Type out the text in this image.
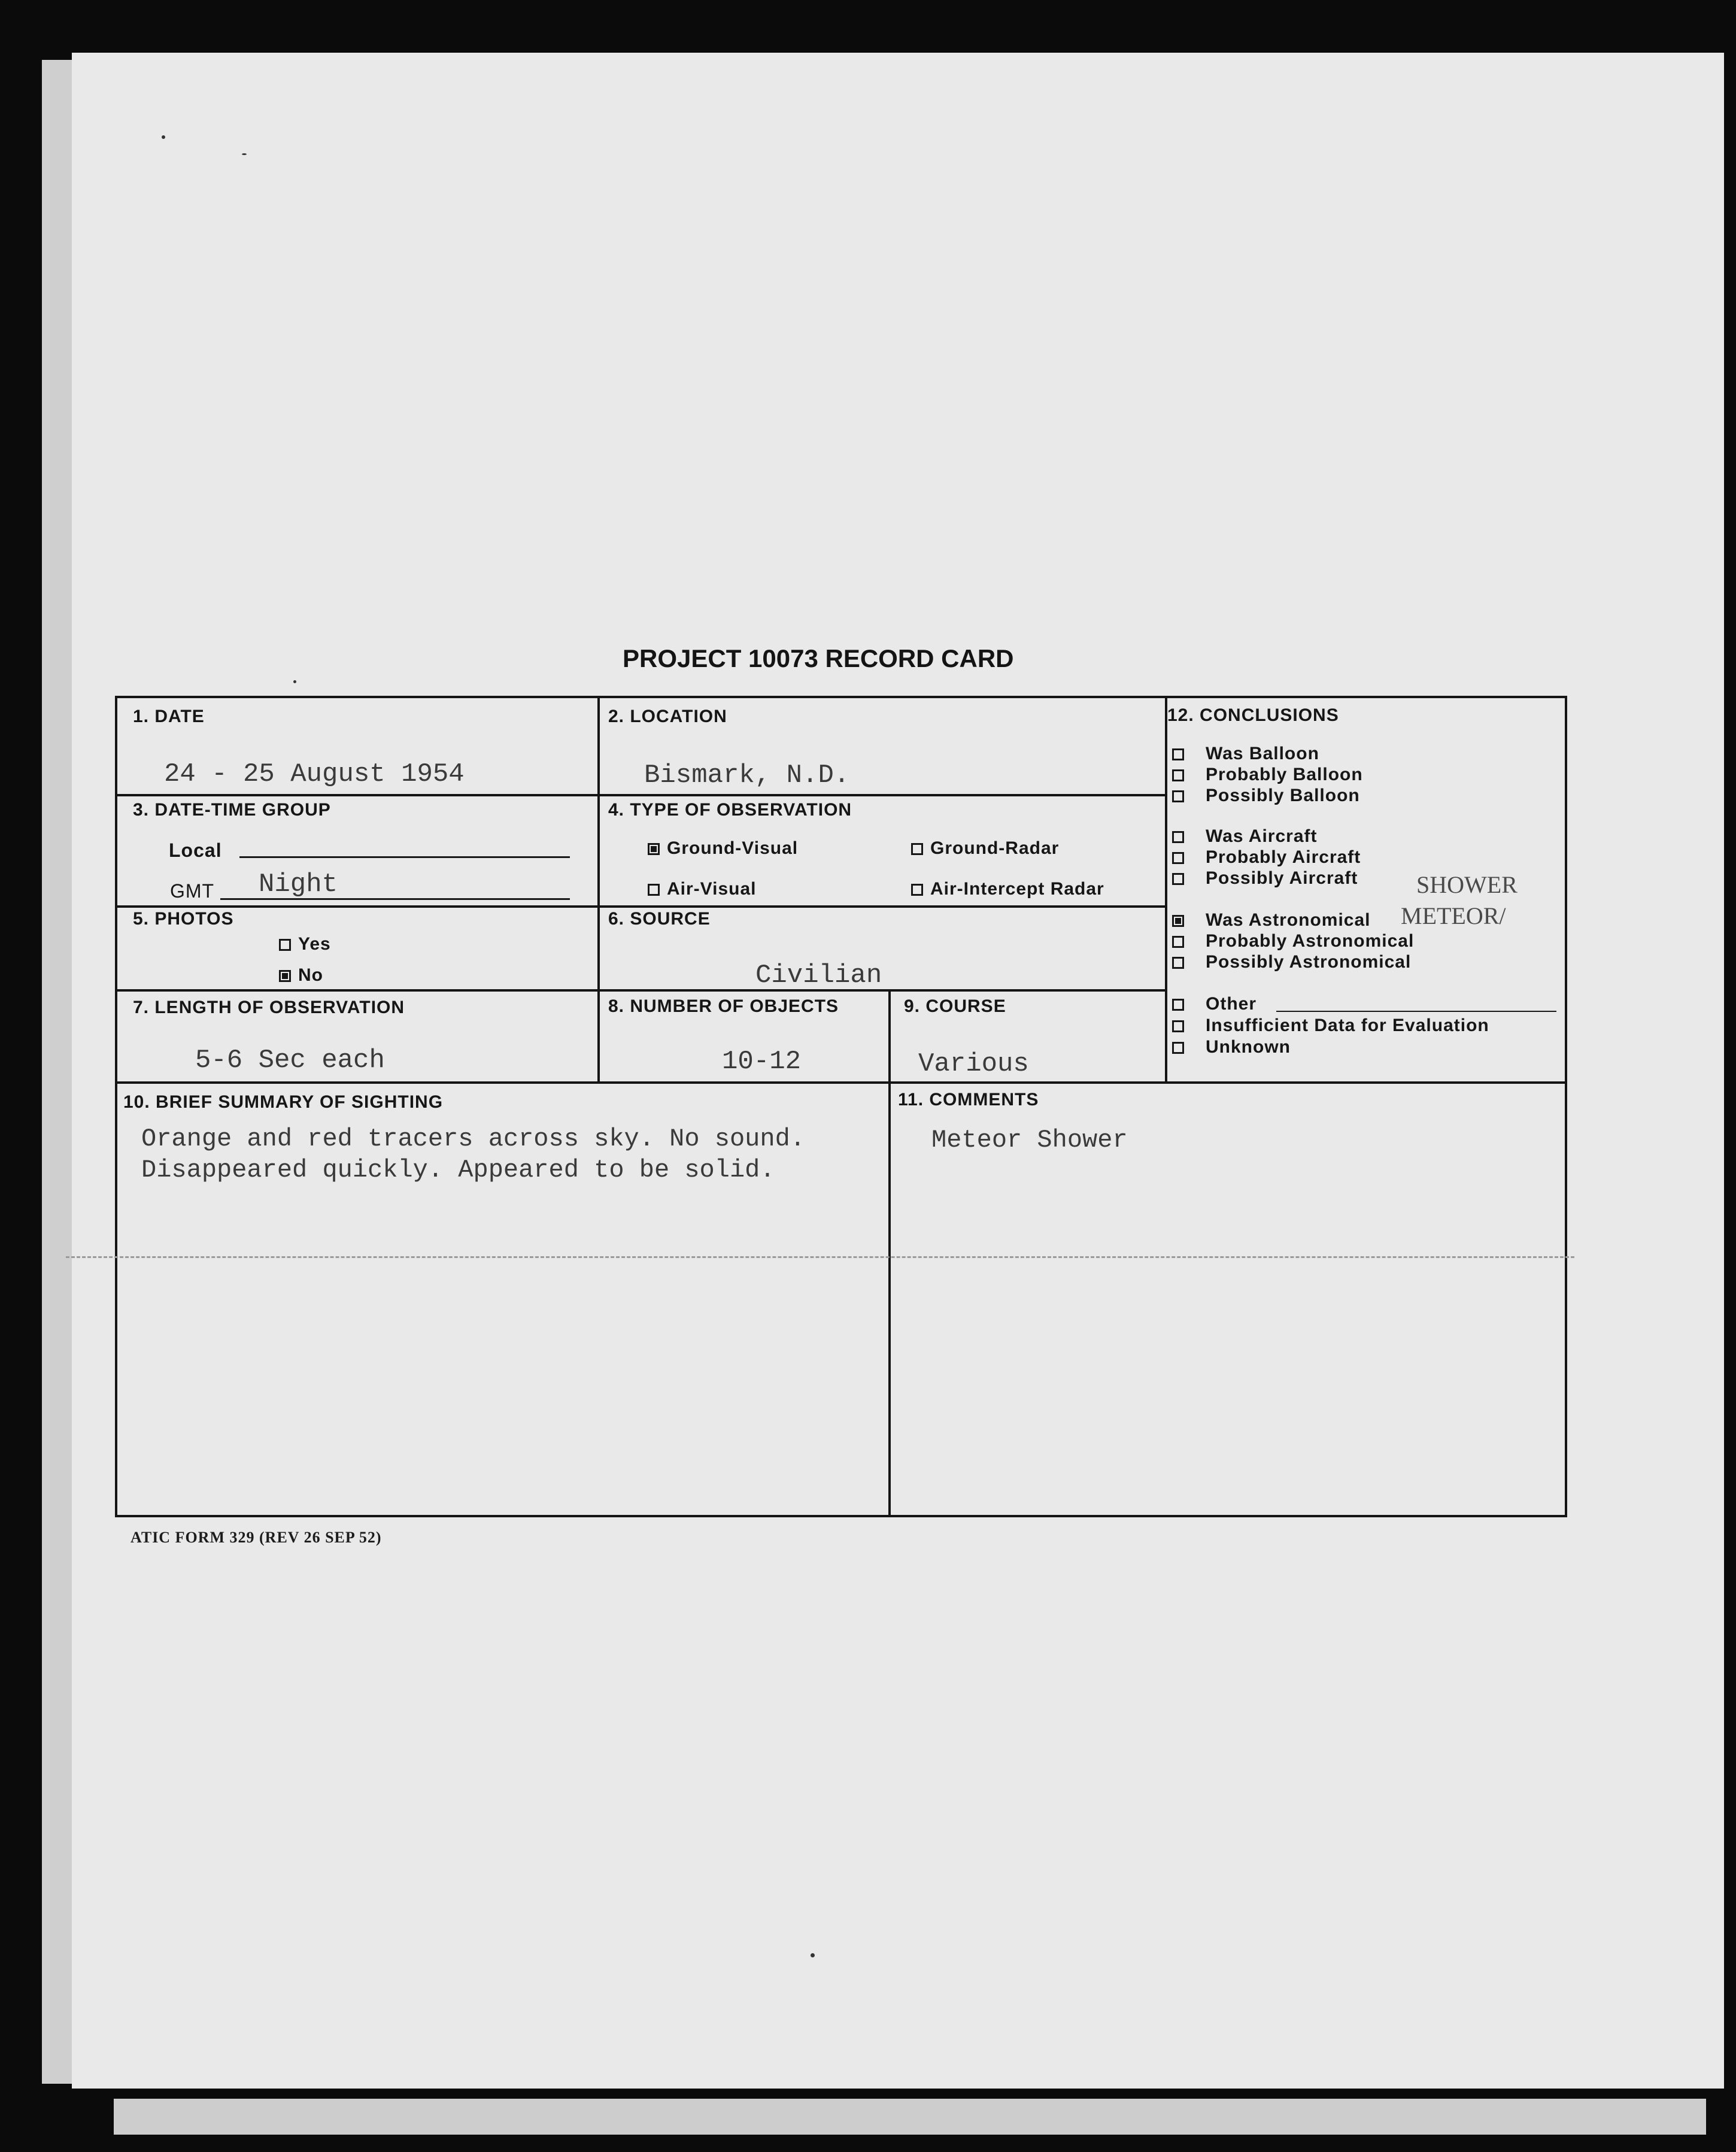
PROJECT 10073 RECORD CARD
1. DATE
24 - 25 August 1954
2. LOCATION
Bismark, N.D.
3. DATE-TIME GROUP
Local
GMT Night
4. TYPE OF OBSERVATION
Ground-Visual	Ground-Radar
Air-Visual	Air-Intercept Radar
5. PHOTOS
Yes
No
6. SOURCE
Civilian
7. LENGTH OF OBSERVATION
5-6 Sec each
8. NUMBER OF OBJECTS
10-12
9. COURSE
Various
10. BRIEF SUMMARY OF SIGHTING
Orange and red tracers across sky. No sound.
Disappeared quickly. Appeared to be solid.
11. COMMENTS
Meteor Shower
12. CONCLUSIONS
Was Balloon
Probably Balloon
Possibly Balloon
Was Aircraft
Probably Aircraft
Possibly Aircraft
Was Astronomical
Probably Astronomical
Possibly Astronomical
Other
Insufficient Data for Evaluation
Unknown
SHOWER
METEOR/
ATIC FORM 329 (REV 26 SEP 52)
